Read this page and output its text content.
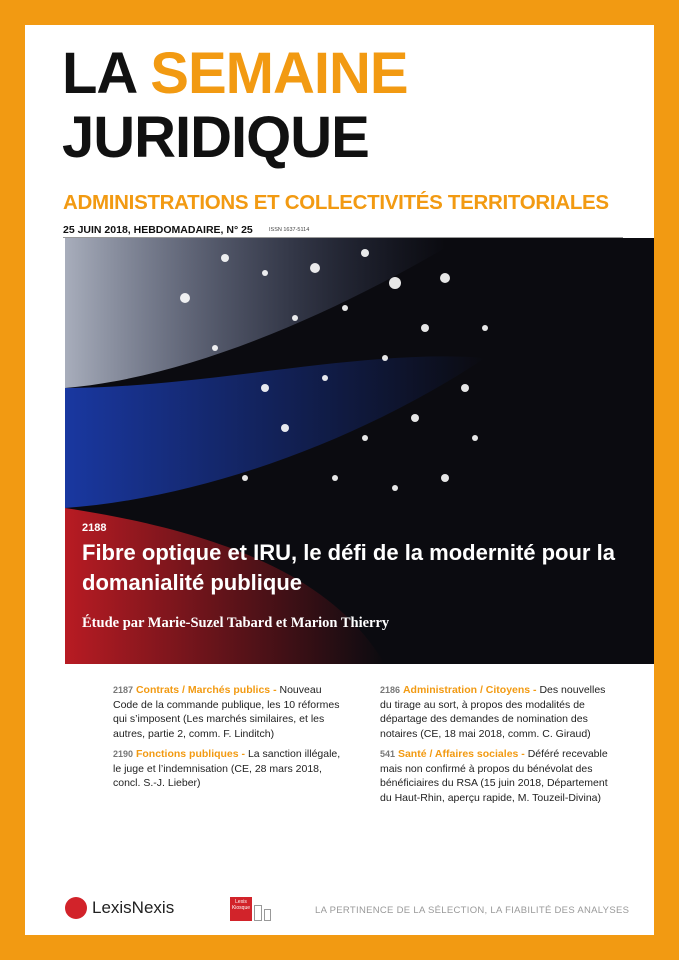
LA SEMAINE
JURIDIQUE
ADMINISTRATIONS ET COLLECTIVITÉS TERRITORIALES
25 JUIN 2018, HEBDOMADAIRE, N° 25	ISSN 1637-5114
2188
Fibre optique et IRU, le défi de la modernité pour la domanialité publique
Étude par Marie-Suzel Tabard et Marion Thierry
2187 Contrats / Marchés publics - Nouveau Code de la commande publique, les 10 réformes qui s’imposent (Les marchés similaires, et les autres, partie 2, comm. F. Linditch)
2190 Fonctions publiques - La sanction illégale, le juge et l’indemnisation (CE, 28 mars 2018, concl. S.-J. Lieber)
2186 Administration / Citoyens - Des nouvelles du tirage au sort, à propos des modalités de départage des demandes de nomination des notaires (CE, 18 mai 2018, comm. C. Giraud)
541 Santé / Affaires sociales - Déféré recevable mais non confirmé à propos du bénévolat des bénéficiaires du RSA (15 juin 2018, Département du Haut-Rhin, aperçu rapide, M. Touzeil-Divina)
LexisNexis	Lexis Kiosque	LA PERTINENCE DE LA SÉLECTION, LA FIABILITÉ DES ANALYSES
